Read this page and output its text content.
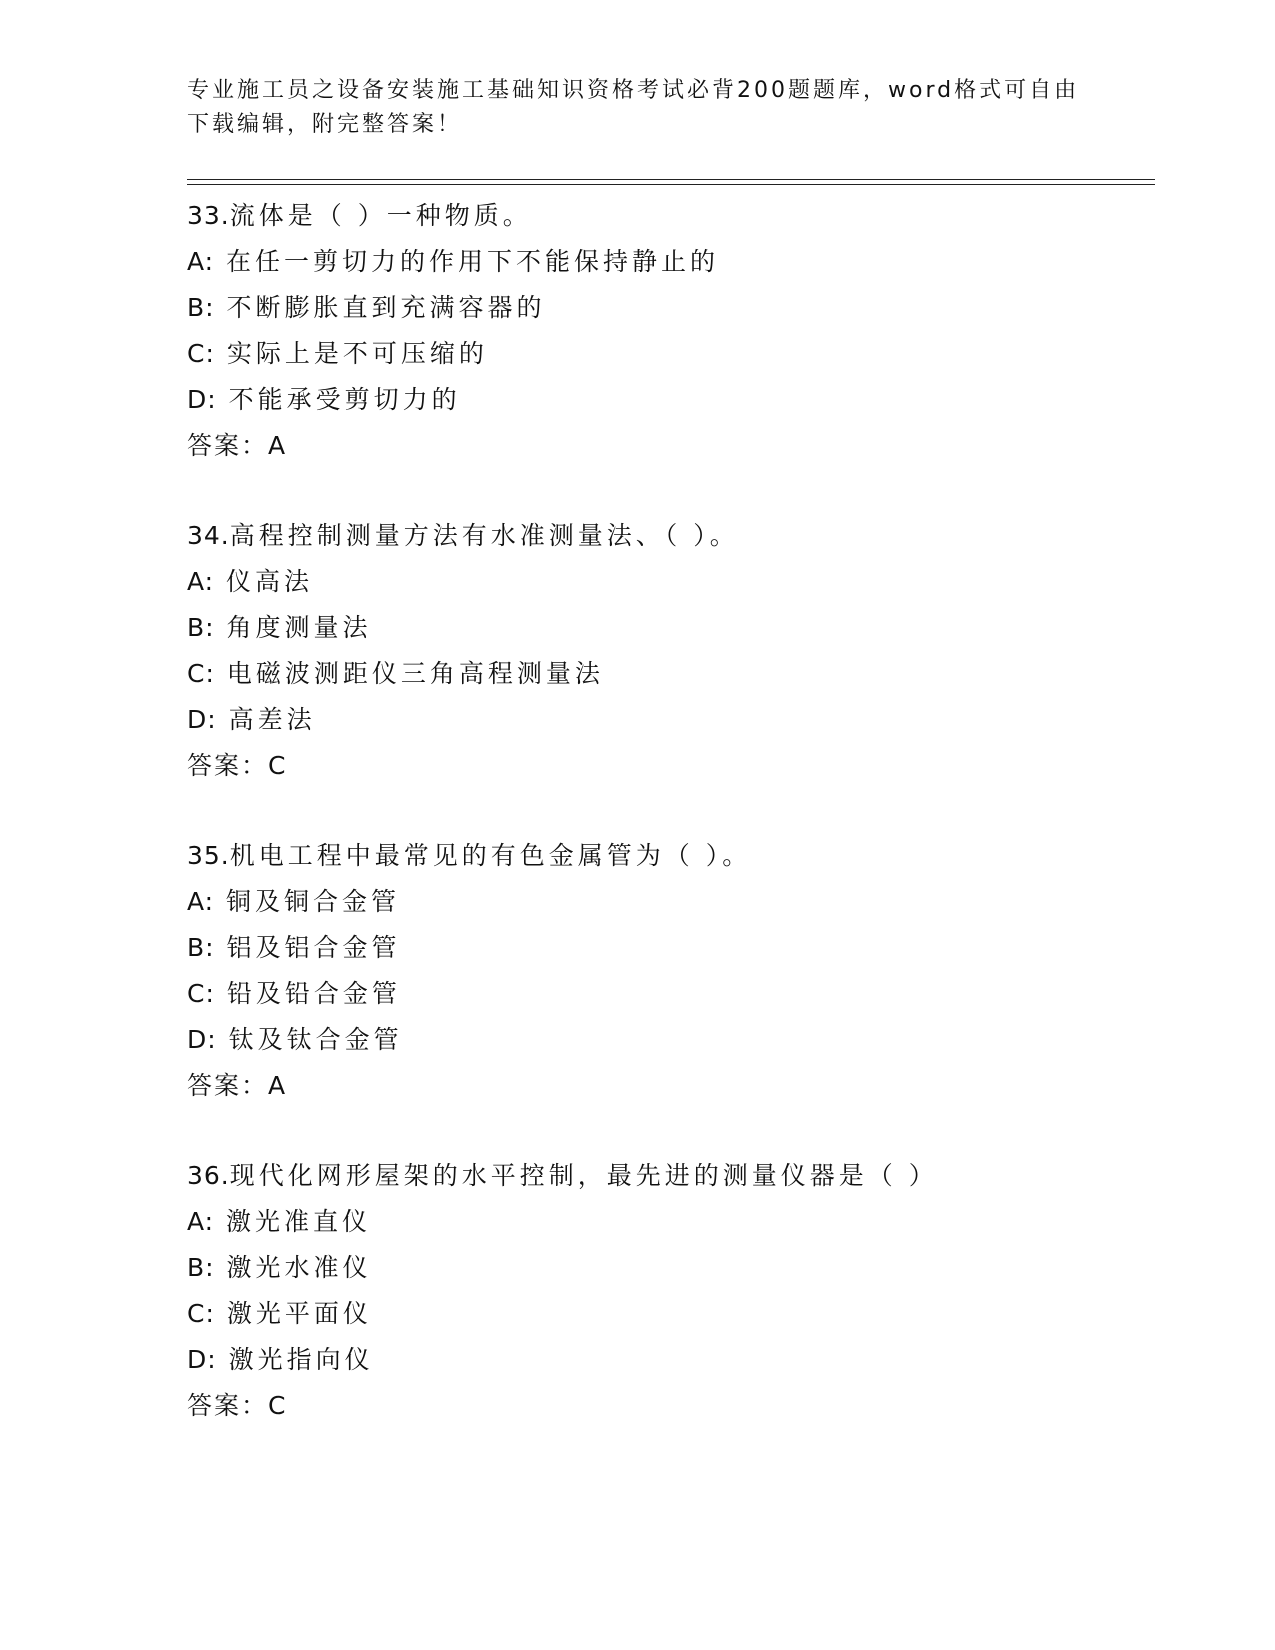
专业施工员之设备安装施工基础知识资格考试必背200题题库，word格式可自由
下载编辑，附完整答案！
33.流体是（ ）一种物质。
A: 在任一剪切力的作用下不能保持静止的
B: 不断膨胀直到充满容器的
C: 实际上是不可压缩的
D: 不能承受剪切力的
答案：A
34.高程控制测量方法有水准测量法、（ ）。
A: 仪高法
B: 角度测量法
C: 电磁波测距仪三角高程测量法
D: 高差法
答案：C
35.机电工程中最常见的有色金属管为（ ）。
A: 铜及铜合金管
B: 铝及铝合金管
C: 铅及铅合金管
D: 钛及钛合金管
答案：A
36.现代化网形屋架的水平控制，最先进的测量仪器是（ ）
A: 激光准直仪
B: 激光水准仪
C: 激光平面仪
D: 激光指向仪
答案：C
